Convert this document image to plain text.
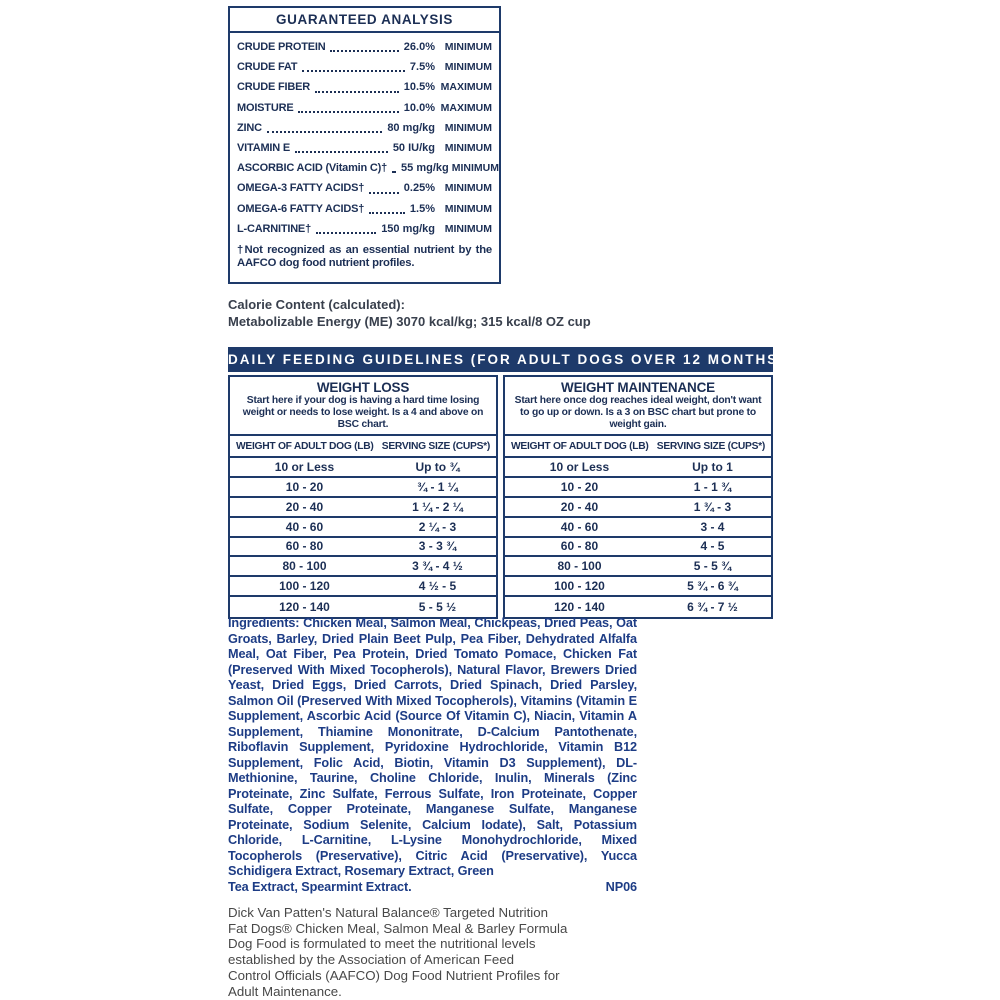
GUARANTEED ANALYSIS
CRUDE PROTEIN	26.0% MINIMUM
CRUDE FAT	7.5% MINIMUM
CRUDE FIBER	10.5% MAXIMUM
MOISTURE	10.0% MAXIMUM
ZINC	80 mg/kg MINIMUM
VITAMIN E	50 IU/kg MINIMUM
ASCORBIC ACID (Vitamin C)† 55 mg/kg MINIMUM
OMEGA-3 FATTY ACIDS†	0.25% MINIMUM
OMEGA-6 FATTY ACIDS†	1.5% MINIMUM
L-CARNITINE†	150 mg/kg MINIMUM
†Not recognized as an essential nutrient by the AAFCO dog food nutrient profiles.
Calorie Content (calculated):
Metabolizable Energy (ME) 3070 kcal/kg; 315 kcal/8 OZ cup
DAILY FEEDING GUIDELINES (FOR ADULT DOGS OVER 12 MONTHS)
WEIGHT LOSS
Start here if your dog is having a hard time losing weight or needs to lose weight. Is a 4 and above on BSC chart.
WEIGHT OF ADULT DOG (LB) SERVING SIZE (CUPS*)
10 or Less	Up to ¾
10 - 20	¾ - 1 ¼
20 - 40	1 ¼ - 2 ¼
40 - 60	2 ¼ - 3
60 - 80	3 - 3 ¾
80 - 100	3 ¾ - 4 ½
100 - 120	4 ½ - 5
120 - 140	5 - 5 ½
WEIGHT MAINTENANCE
Start here once dog reaches ideal weight, don't want to go up or down. Is a 3 on BSC chart but prone to weight gain.
WEIGHT OF ADULT DOG (LB) SERVING SIZE (CUPS*)
10 or Less	Up to 1
10 - 20	1 - 1 ¾
20 - 40	1 ¾ - 3
40 - 60	3 - 4
60 - 80	4 - 5
80 - 100	5 - 5 ¾
100 - 120	5 ¾ - 6 ¾
120 - 140	6 ¾ - 7 ½
Ingredients: Chicken Meal, Salmon Meal, Chickpeas, Dried Peas, Oat Groats, Barley, Dried Plain Beet Pulp, Pea Fiber, Dehydrated Alfalfa Meal, Oat Fiber, Pea Protein, Dried Tomato Pomace, Chicken Fat (Preserved With Mixed Tocopherols), Natural Flavor, Brewers Dried Yeast, Dried Eggs, Dried Carrots, Dried Spinach, Dried Parsley, Salmon Oil (Preserved With Mixed Tocopherols), Vitamins (Vitamin E Supplement, Ascorbic Acid (Source Of Vitamin C), Niacin, Vitamin A Supplement, Thiamine Mononitrate, D-Calcium Pantothenate, Riboflavin Supplement, Pyridoxine Hydrochloride, Vitamin B12 Supplement, Folic Acid, Biotin, Vitamin D3 Supplement), DL-Methionine, Taurine, Choline Chloride, Inulin, Minerals (Zinc Proteinate, Zinc Sulfate, Ferrous Sulfate, Iron Proteinate, Copper Sulfate, Copper Proteinate, Manganese Sulfate, Manganese Proteinate, Sodium Selenite, Calcium Iodate), Salt, Potassium Chloride, L-Carnitine, L-Lysine Monohydrochloride, Mixed Tocopherols (Preservative), Citric Acid (Preservative), Yucca Schidigera Extract, Rosemary Extract, Green
Tea Extract, Spearmint Extract.	NP06
Dick Van Patten's Natural Balance® Targeted Nutrition
Fat Dogs® Chicken Meal, Salmon Meal & Barley Formula
Dog Food is formulated to meet the nutritional levels
established by the Association of American Feed
Control Officials (AAFCO) Dog Food Nutrient Profiles for
Adult Maintenance.
